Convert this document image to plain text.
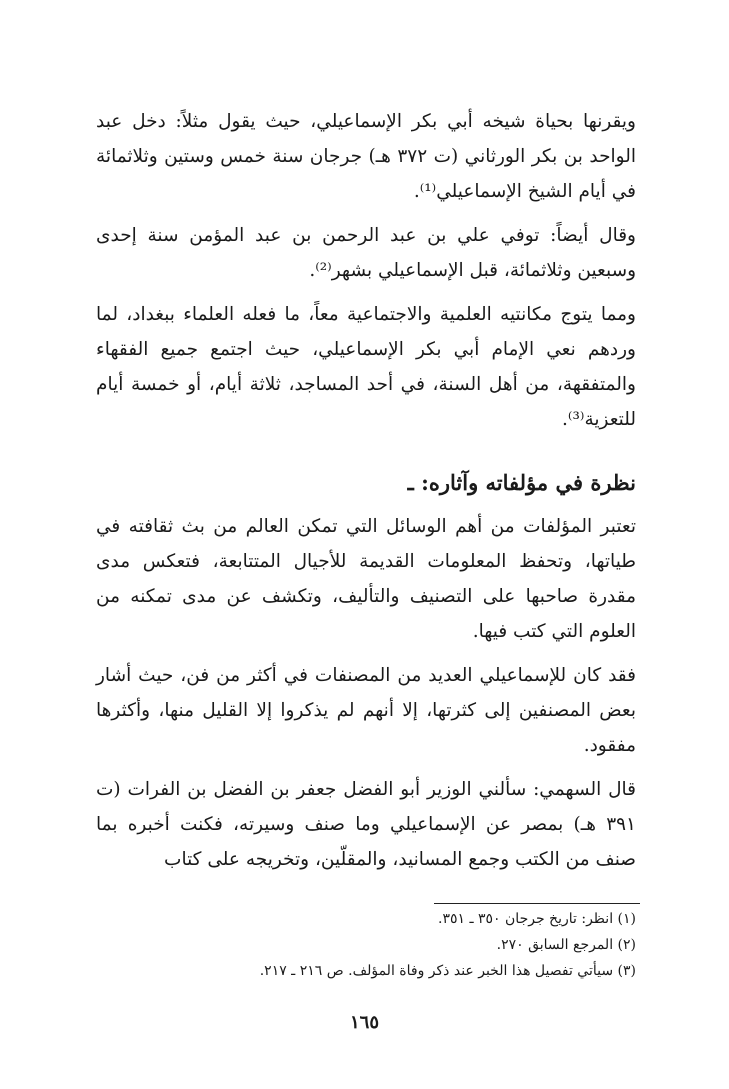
ويقرنها بحياة شيخه أبي بكر الإسماعيلي، حيث يقول مثلاً: دخل عبد الواحد بن بكر الورثاني (ت ٣٧٢ هـ) جرجان سنة خمس وستين وثلاثمائة في أيام الشيخ الإسماعيلي⁽¹⁾.

وقال أيضاً: توفي علي بن عبد الرحمن بن عبد المؤمن سنة إحدى وسبعين وثلاثمائة، قبل الإسماعيلي بشهر⁽²⁾.

ومما يتوج مكانتيه العلمية والاجتماعية معاً، ما فعله العلماء ببغداد، لما وردهم نعي الإمام أبي بكر الإسماعيلي، حيث اجتمع جميع الفقهاء والمتفقهة، من أهل السنة، في أحد المساجد، ثلاثة أيام، أو خمسة أيام للتعزية⁽³⁾.

نظرة في مؤلفاته وآثاره: ـ

تعتبر المؤلفات من أهم الوسائل التي تمكن العالم من بث ثقافته في طياتها، وتحفظ المعلومات القديمة للأجيال المتتابعة، فتعكس مدى مقدرة صاحبها على التصنيف والتأليف، وتكشف عن مدى تمكنه من العلوم التي كتب فيها.

فقد كان للإسماعيلي العديد من المصنفات في أكثر من فن، حيث أشار بعض المصنفين إلى كثرتها، إلا أنهم لم يذكروا إلا القليل منها، وأكثرها مفقود.

قال السهمي: سألني الوزير أبو الفضل جعفر بن الفضل بن الفرات (ت ٣٩١ هـ) بمصر عن الإسماعيلي وما صنف وسيرته، فكنت أخبره بما صنف من الكتب وجمع المسانيد، والمقلّين، وتخريجه على كتاب

(١) انظر: تاريخ جرجان ٣٥٠ ـ ٣٥١.

(٢) المرجع السابق ٢٧٠.

(٣) سيأتي تفصيل هذا الخبر عند ذكر وفاة المؤلف. ص ٢١٦ ـ ٢١٧.

١٦٥
